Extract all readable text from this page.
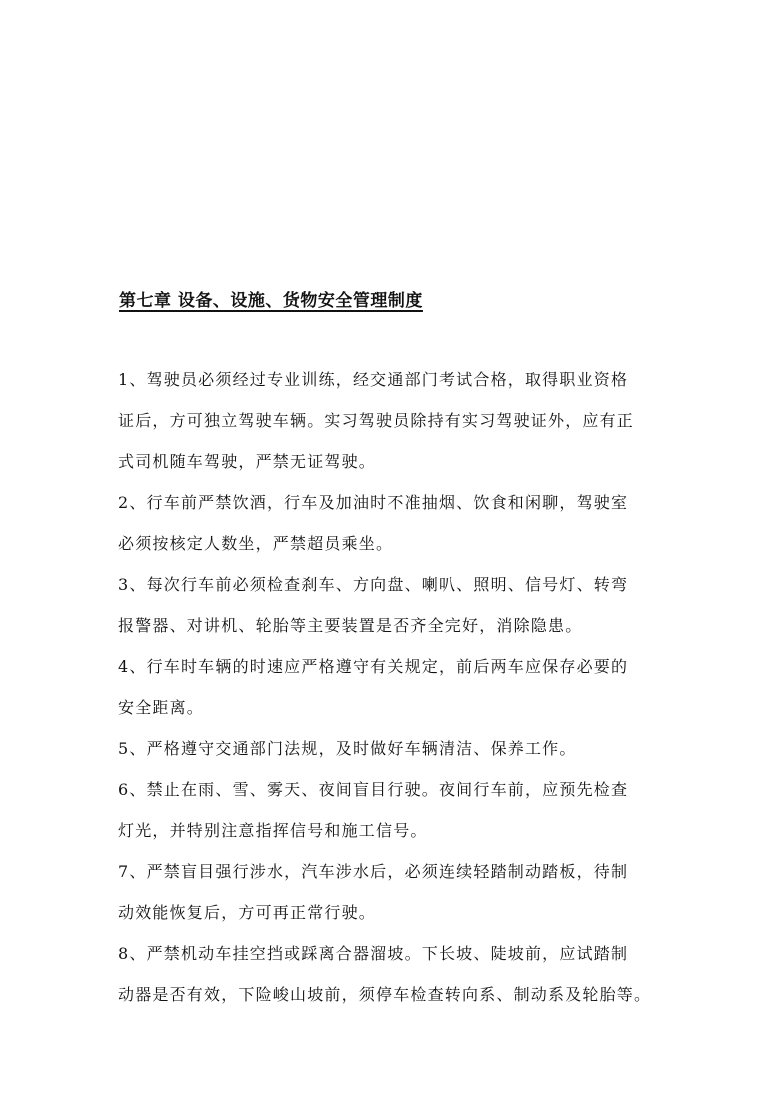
第七章 设备、设施、货物安全管理制度
1、驾驶员必须经过专业训练，经交通部门考试合格，取得职业资格
证后，方可独立驾驶车辆。实习驾驶员除持有实习驾驶证外，应有正
式司机随车驾驶，严禁无证驾驶。
2、行车前严禁饮酒，行车及加油时不准抽烟、饮食和闲聊，驾驶室
必须按核定人数坐，严禁超员乘坐。
3、每次行车前必须检查刹车、方向盘、喇叭、照明、信号灯、转弯
报警器、对讲机、轮胎等主要装置是否齐全完好，消除隐患。
4、行车时车辆的时速应严格遵守有关规定，前后两车应保存必要的
安全距离。
5、严格遵守交通部门法规，及时做好车辆清洁、保养工作。
6、禁止在雨、雪、雾天、夜间盲目行驶。夜间行车前，应预先检查
灯光，并特别注意指挥信号和施工信号。
7、严禁盲目强行涉水，汽车涉水后，必须连续轻踏制动踏板，待制
动效能恢复后，方可再正常行驶。
8、严禁机动车挂空挡或踩离合器溜坡。下长坡、陡坡前，应试踏制
动器是否有效，下险峻山坡前，须停车检查转向系、制动系及轮胎等。
